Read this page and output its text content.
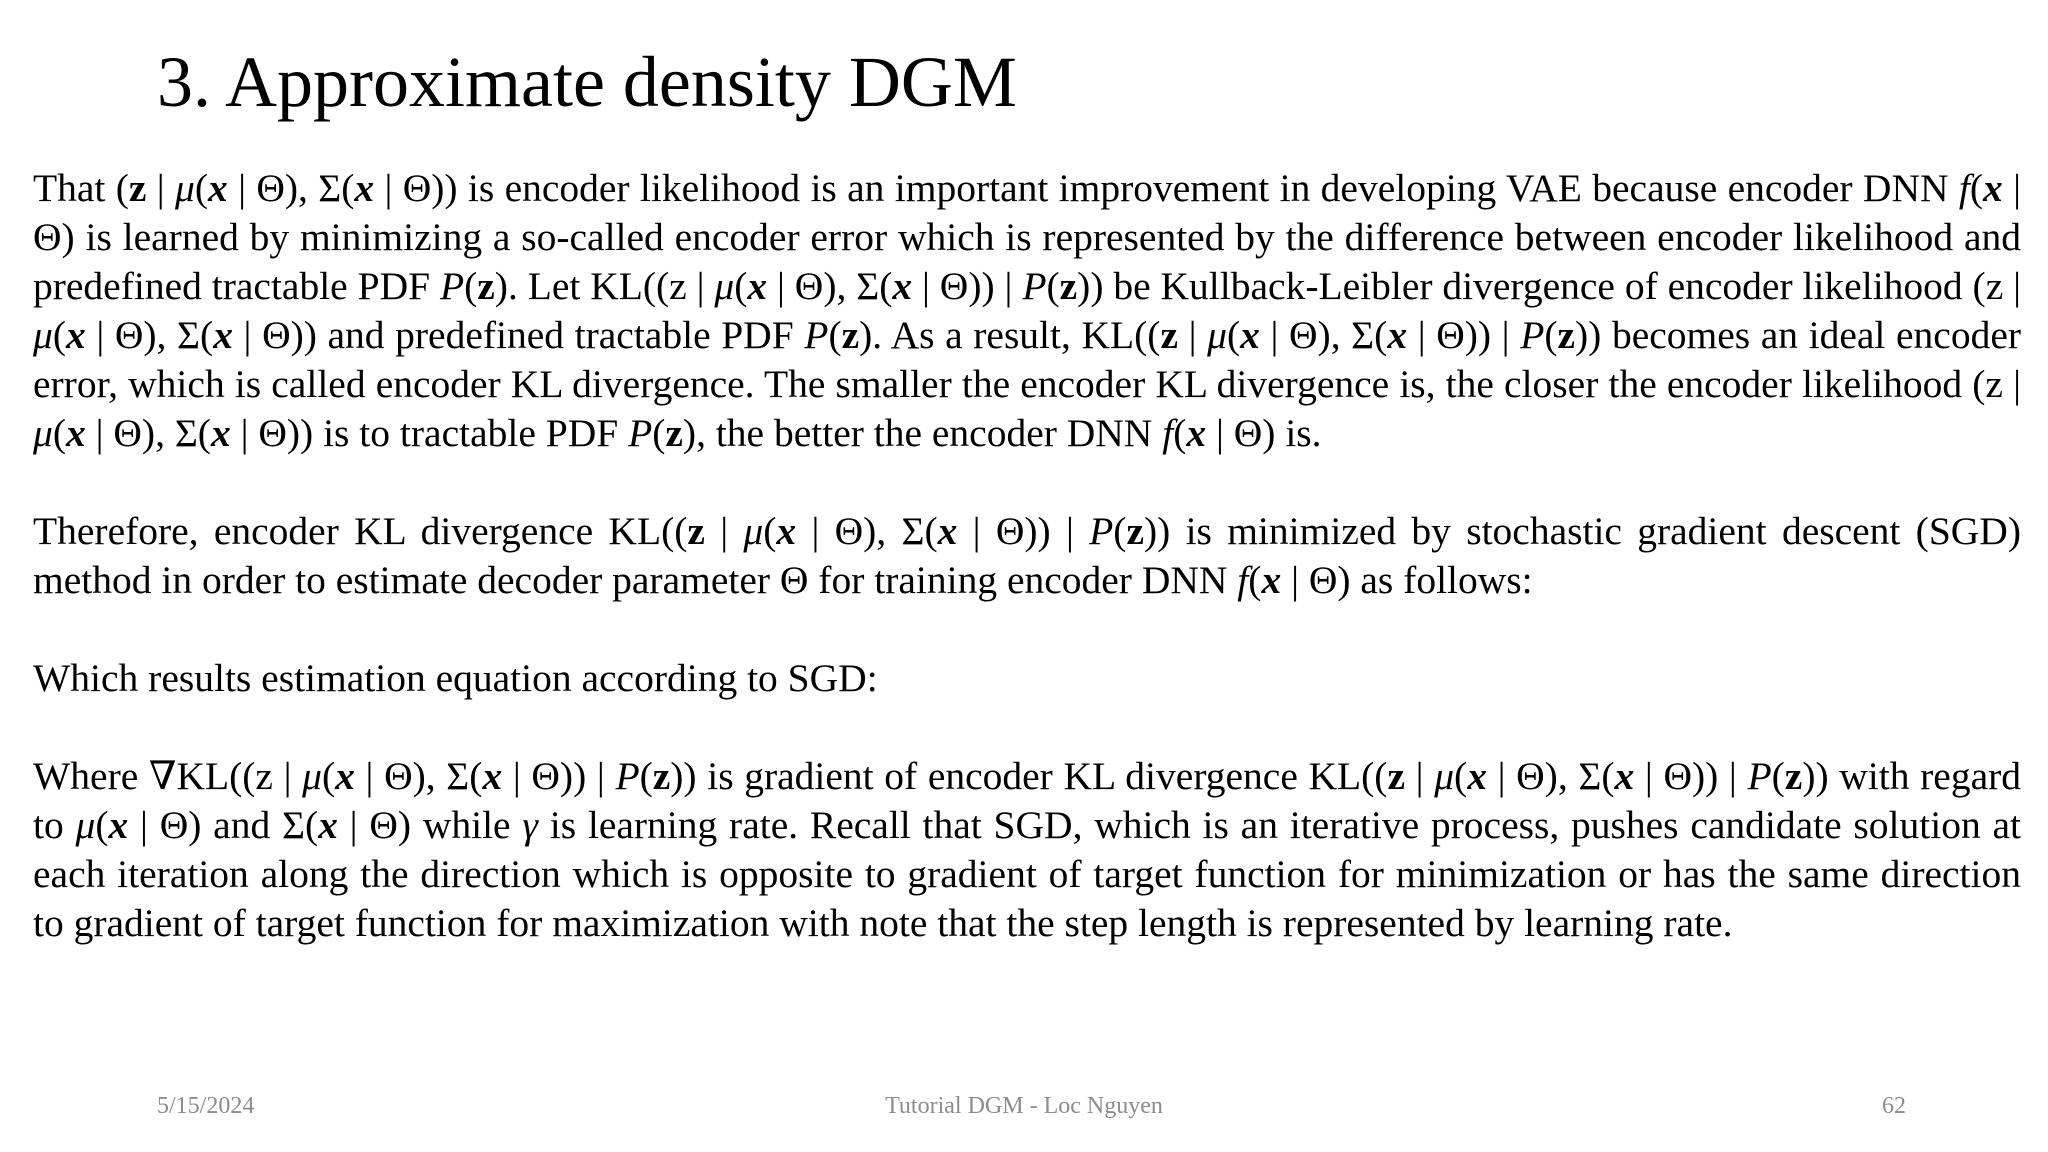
3. Approximate density DGM

That (z | μ(x | Θ), Σ(x | Θ)) is encoder likelihood is an important improvement in developing VAE because encoder DNN f(x | Θ) is learned by minimizing a so-called encoder error which is represented by the difference between encoder likelihood and predefined tractable PDF P(z). Let KL((z | μ(x | Θ), Σ(x | Θ)) | P(z)) be Kullback-Leibler divergence of encoder likelihood (z | μ(x | Θ), Σ(x | Θ)) and predefined tractable PDF P(z). As a result, KL((z | μ(x | Θ), Σ(x | Θ)) | P(z)) becomes an ideal encoder error, which is called encoder KL divergence. The smaller the encoder KL divergence is, the closer the encoder likelihood (z | μ(x | Θ), Σ(x | Θ)) is to tractable PDF P(z), the better the encoder DNN f(x | Θ) is.

Therefore, encoder KL divergence KL((z | μ(x | Θ), Σ(x | Θ)) | P(z)) is minimized by stochastic gradient descent (SGD) method in order to estimate decoder parameter Θ for training encoder DNN f(x | Θ) as follows:

Which results estimation equation according to SGD:

Where ∇KL((z | μ(x | Θ), Σ(x | Θ)) | P(z)) is gradient of encoder KL divergence KL((z | μ(x | Θ), Σ(x | Θ)) | P(z)) with regard to μ(x | Θ) and Σ(x | Θ) while γ is learning rate. Recall that SGD, which is an iterative process, pushes candidate solution at each iteration along the direction which is opposite to gradient of target function for minimization or has the same direction to gradient of target function for maximization with note that the step length is represented by learning rate.

5/15/2024	Tutorial DGM - Loc Nguyen	62
